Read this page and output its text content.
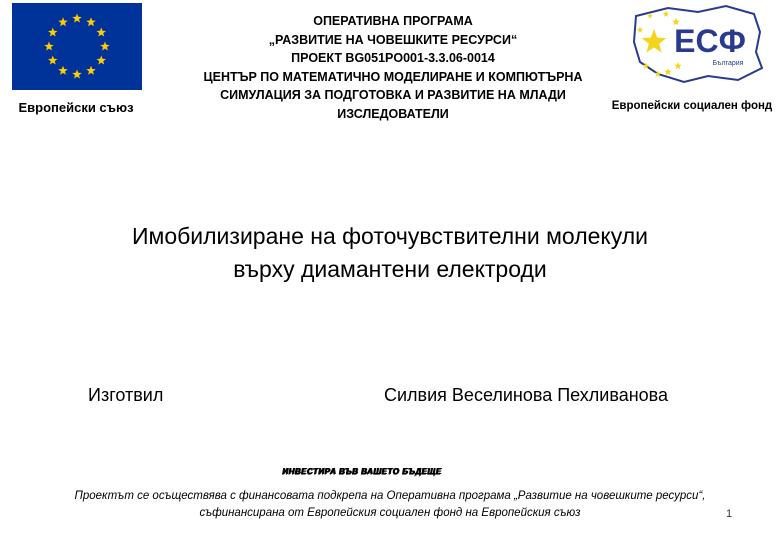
Европейски съюз
ОПЕРАТИВНА ПРОГРАМА
„РАЗВИТИЕ НА ЧОВЕШКИТЕ РЕСУРСИ“
ПРОЕКТ BG051PO001-3.3.06-0014
ЦЕНТЪР ПО МАТЕМАТИЧНО МОДЕЛИРАНЕ И КОМПЮТЪРНА
СИМУЛАЦИЯ ЗА ПОДГОТОВКА И РАЗВИТИЕ НА МЛАДИ
ИЗСЛЕДОВАТЕЛИ
ЕСФ
България
Европейски социален фонд
Имобилизиране на фоточувствителни молекули
върху диамантени електроди
Изготвил	Силвия Веселинова Пехливанова
ИНВЕСТИРА ВЪВ ВАШЕТО БЪДЕЩЕ
Проектът се осъществява с финансовата подкрепа на Оперативна програма „Развитие на човешките ресурси“,
съфинансирана от Европейския социален фонд на Европейския съюз	1
